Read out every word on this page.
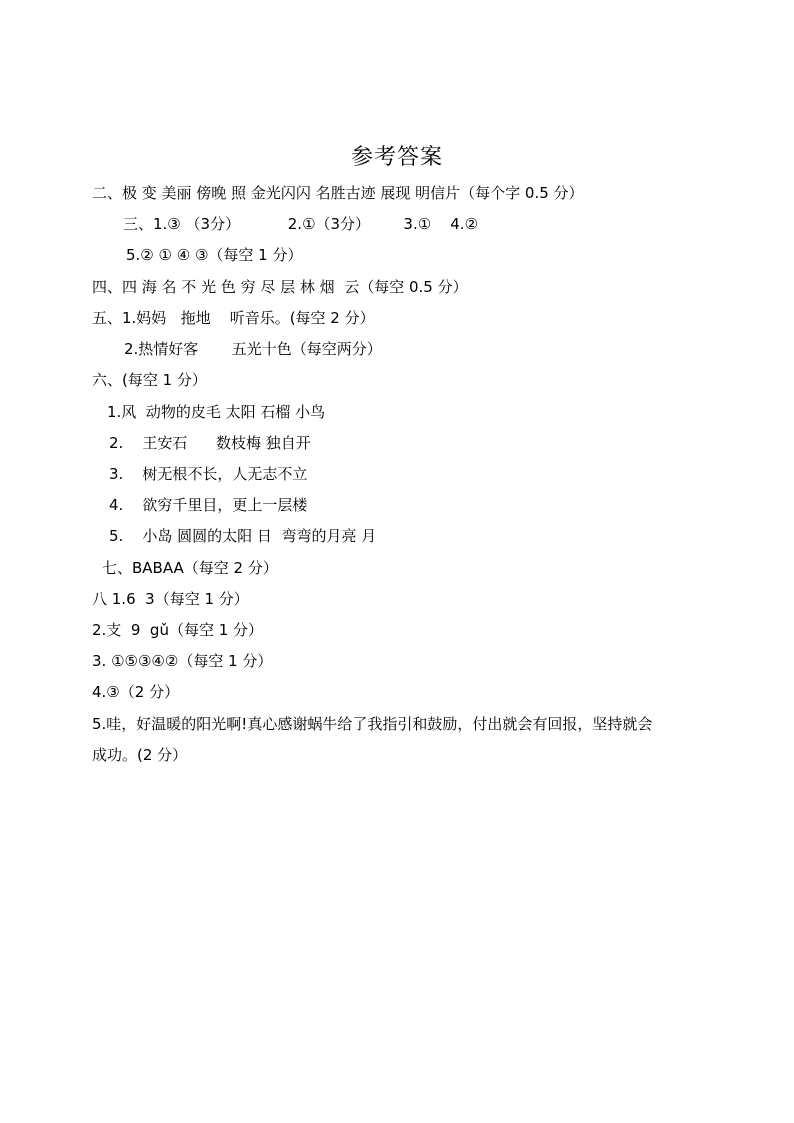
参考答案
二、极 变 美丽 傍晚 照 金光闪闪 名胜古迹 展现 明信片（每个字 0.5 分）
三、1.③ （3分）          2.①（3分）       3.①    4.②
5.② ① ④ ③（每空 1 分）
四、四 海 名 不 光 色 穷 尽 层 林 烟  云（每空 0.5 分）
五、1.妈妈   拖地    听音乐。(每空 2 分）
2.热情好客       五光十色（每空两分）
六、(每空 1 分）
1.风  动物的皮毛 太阳 石榴 小鸟
2.    王安石      数枝梅 独自开
3.    树无根不长，人无志不立
4.    欲穷千里目，更上一层楼
5.    小岛 圆圆的太阳 日  弯弯的月亮 月
七、BABAA（每空 2 分）
八 1.6  3（每空 1 分）
2.支  9  gǔ（每空 1 分）
3. ①⑤③④②（每空 1 分）
4.③（2 分）
5.哇，好温暖的阳光啊!真心感谢蜗牛给了我指引和鼓励，付出就会有回报，坚持就会
成功。(2 分）
